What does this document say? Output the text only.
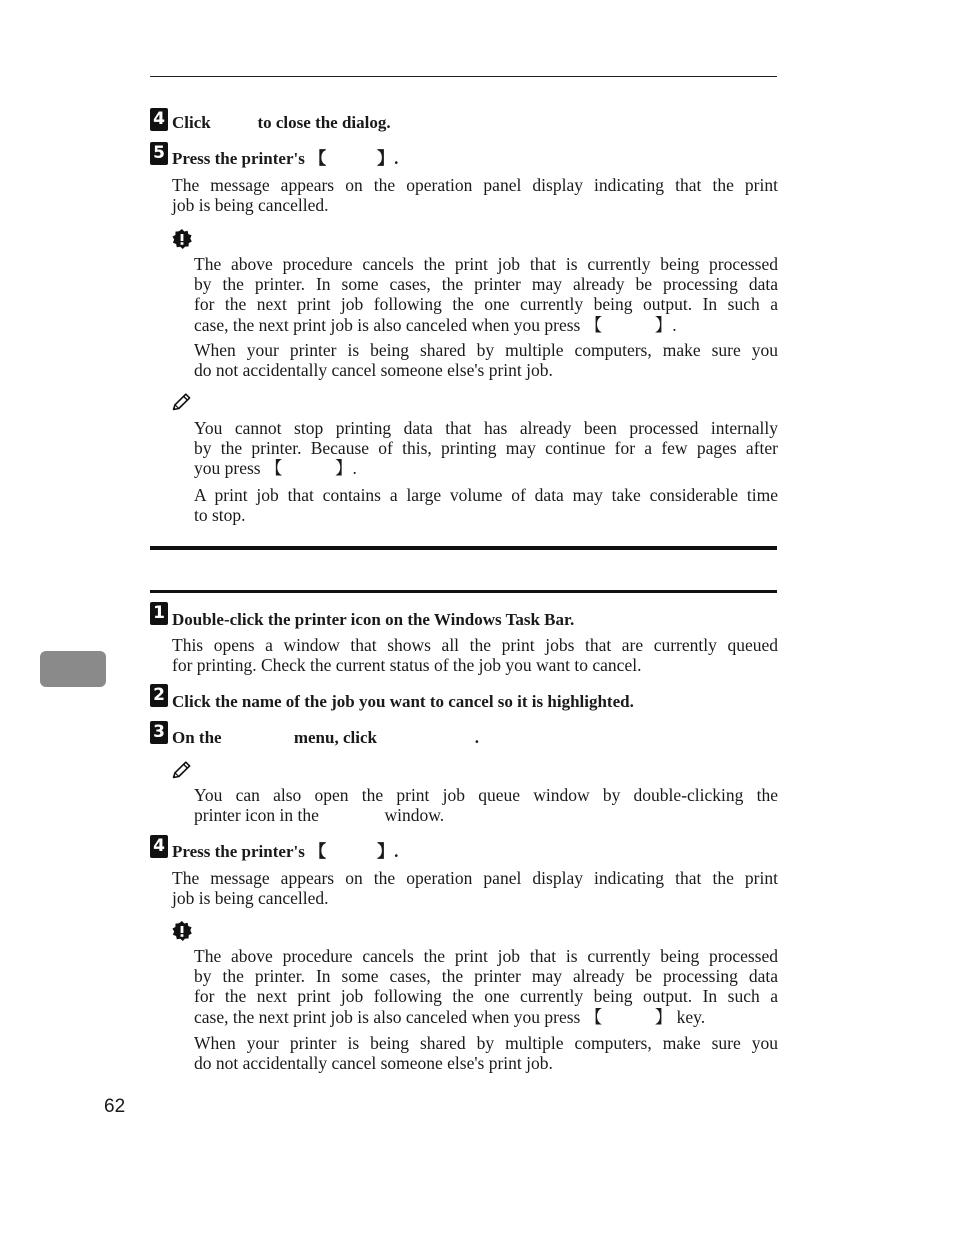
4 Click           to close the dialog.
5 Press the printer's 【            】.
The message appears on the operation panel display indicating that the print
job is being cancelled.
The above procedure cancels the print job that is currently being processed
by the printer. In some cases, the printer may already be processing data
for the next print job following the one currently being output. In such a
case, the next print job is also canceled when you press 【            】.
When your printer is being shared by multiple computers, make sure you
do not accidentally cancel someone else's print job.
You cannot stop printing data that has already been processed internally
by the printer. Because of this, printing may continue for a few pages after
you press 【            】.
A print job that contains a large volume of data may take considerable time
to stop.
1 Double-click the printer icon on the Windows Task Bar.
This opens a window that shows all the print jobs that are currently queued
for printing. Check the current status of the job you want to cancel.
2 Click the name of the job you want to cancel so it is highlighted.
3 On the                 menu, click                       .
You can also open the print job queue window by double-clicking the
printer icon in the               window.
4 Press the printer's 【            】.
The message appears on the operation panel display indicating that the print
job is being cancelled.
The above procedure cancels the print job that is currently being processed
by the printer. In some cases, the printer may already be processing data
for the next print job following the one currently being output. In such a
case, the next print job is also canceled when you press 【            】 key.
When your printer is being shared by multiple computers, make sure you
do not accidentally cancel someone else's print job.
62
